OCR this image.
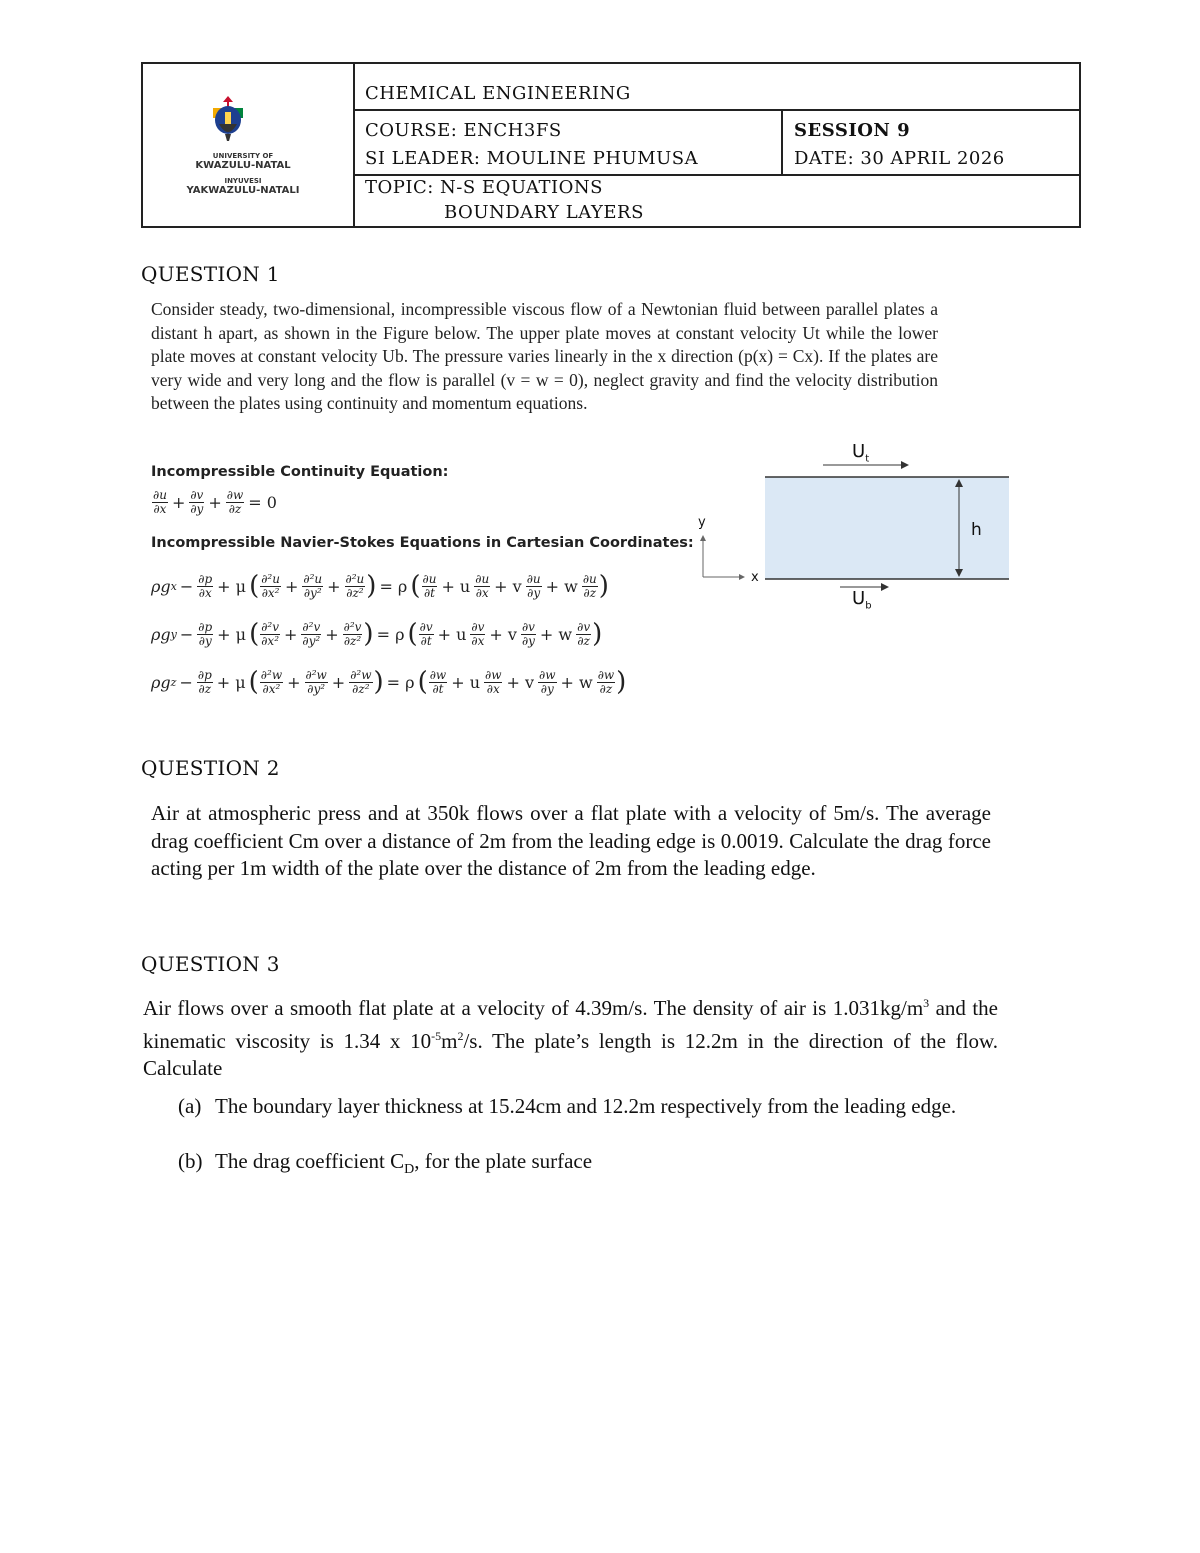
UNIVERSITY OF
KWAZULU-NATAL
INYUVESI
YAKWAZULU-NATALI
CHEMICAL ENGINEERING
COURSE: ENCH3FS
SI LEADER: MOULINE PHUMUSA
SESSION 9
DATE: 30 APRIL 2026
TOPIC: N-S EQUATIONS
BOUNDARY LAYERS
QUESTION 1
Consider steady, two-dimensional, incompressible viscous flow of a Newtonian fluid between parallel plates a distant h apart, as shown in the Figure below. The upper plate moves at constant velocity Ut while the lower plate moves at constant velocity Ub. The pressure varies linearly in the x direction (p(x) = Cx). If the plates are very wide and very long and the flow is parallel (v = w = 0), neglect gravity and find the velocity distribution between the plates using continuity and momentum equations.
Incompressible Continuity Equation:
$\frac{\partial u}{\partial x} + \frac{\partial v}{\partial y} + \frac{\partial w}{\partial z} = 0$
Incompressible Navier-Stokes Equations in Cartesian Coordinates:
ρg $x - \frac{\partial p}{\partial x} + \mu$ ( $\frac{\text{∂²u}}{\text{∂x²}} + \frac{\text{∂²u}}{\text{∂y²}} + \frac{\text{∂²u}}{\text{∂z²}}$ ) = ρ ( $\frac{\partial u}{\partial t} + u \frac{\partial u}{\partial x} + v \frac{\partial u}{\partial y} + w \frac{\partial u}{\partial z}$ )
ρg $y - \frac{\partial p}{\partial y} + \mu$ ( $\frac{\text{∂²v}}{\text{∂x²}} + \frac{\text{∂²v}}{\text{∂y²}} + \frac{\text{∂²v}}{\text{∂z²}}$ ) = ρ ( $\frac{\partial v}{\partial t} + u \frac{\partial v}{\partial x} + v \frac{\partial v}{\partial y} + w \frac{\partial v}{\partial z}$ )
ρg $z - \frac{\partial p}{\partial z} + \mu$ ( $\frac{\text{∂²w}}{\text{∂x²}} + \frac{\text{∂²w}}{\text{∂y²}} + \frac{\text{∂²w}}{\text{∂z²}}$ ) = ρ ( $\frac{\partial w}{\partial t} + u \frac{\partial w}{\partial x} + v \frac{\partial w}{\partial y} + w \frac{\partial w}{\partial z}$ )
$U_t$
$U_b$
h
y
x
QUESTION 2
Air at atmospheric press and at 350k flows over a flat plate with a velocity of 5m/s. The average drag coefficient Cm over a distance of 2m from the leading edge is 0.0019. Calculate the drag force acting per 1m width of the plate over the distance of 2m from the leading edge.
QUESTION 3
Air flows over a smooth flat plate at a velocity of 4.39m/s. The density of air is $1.031kg/m^3$ and the kinematic viscosity is 1.34 x $10^{-5}m^2/s$. The plate’s length is 12.2m in the direction of the flow. Calculate
(a) The boundary layer thickness at 15.24cm and 12.2m respectively from the leading edge.
(b) The drag coefficient $C_D$, for the plate surface
